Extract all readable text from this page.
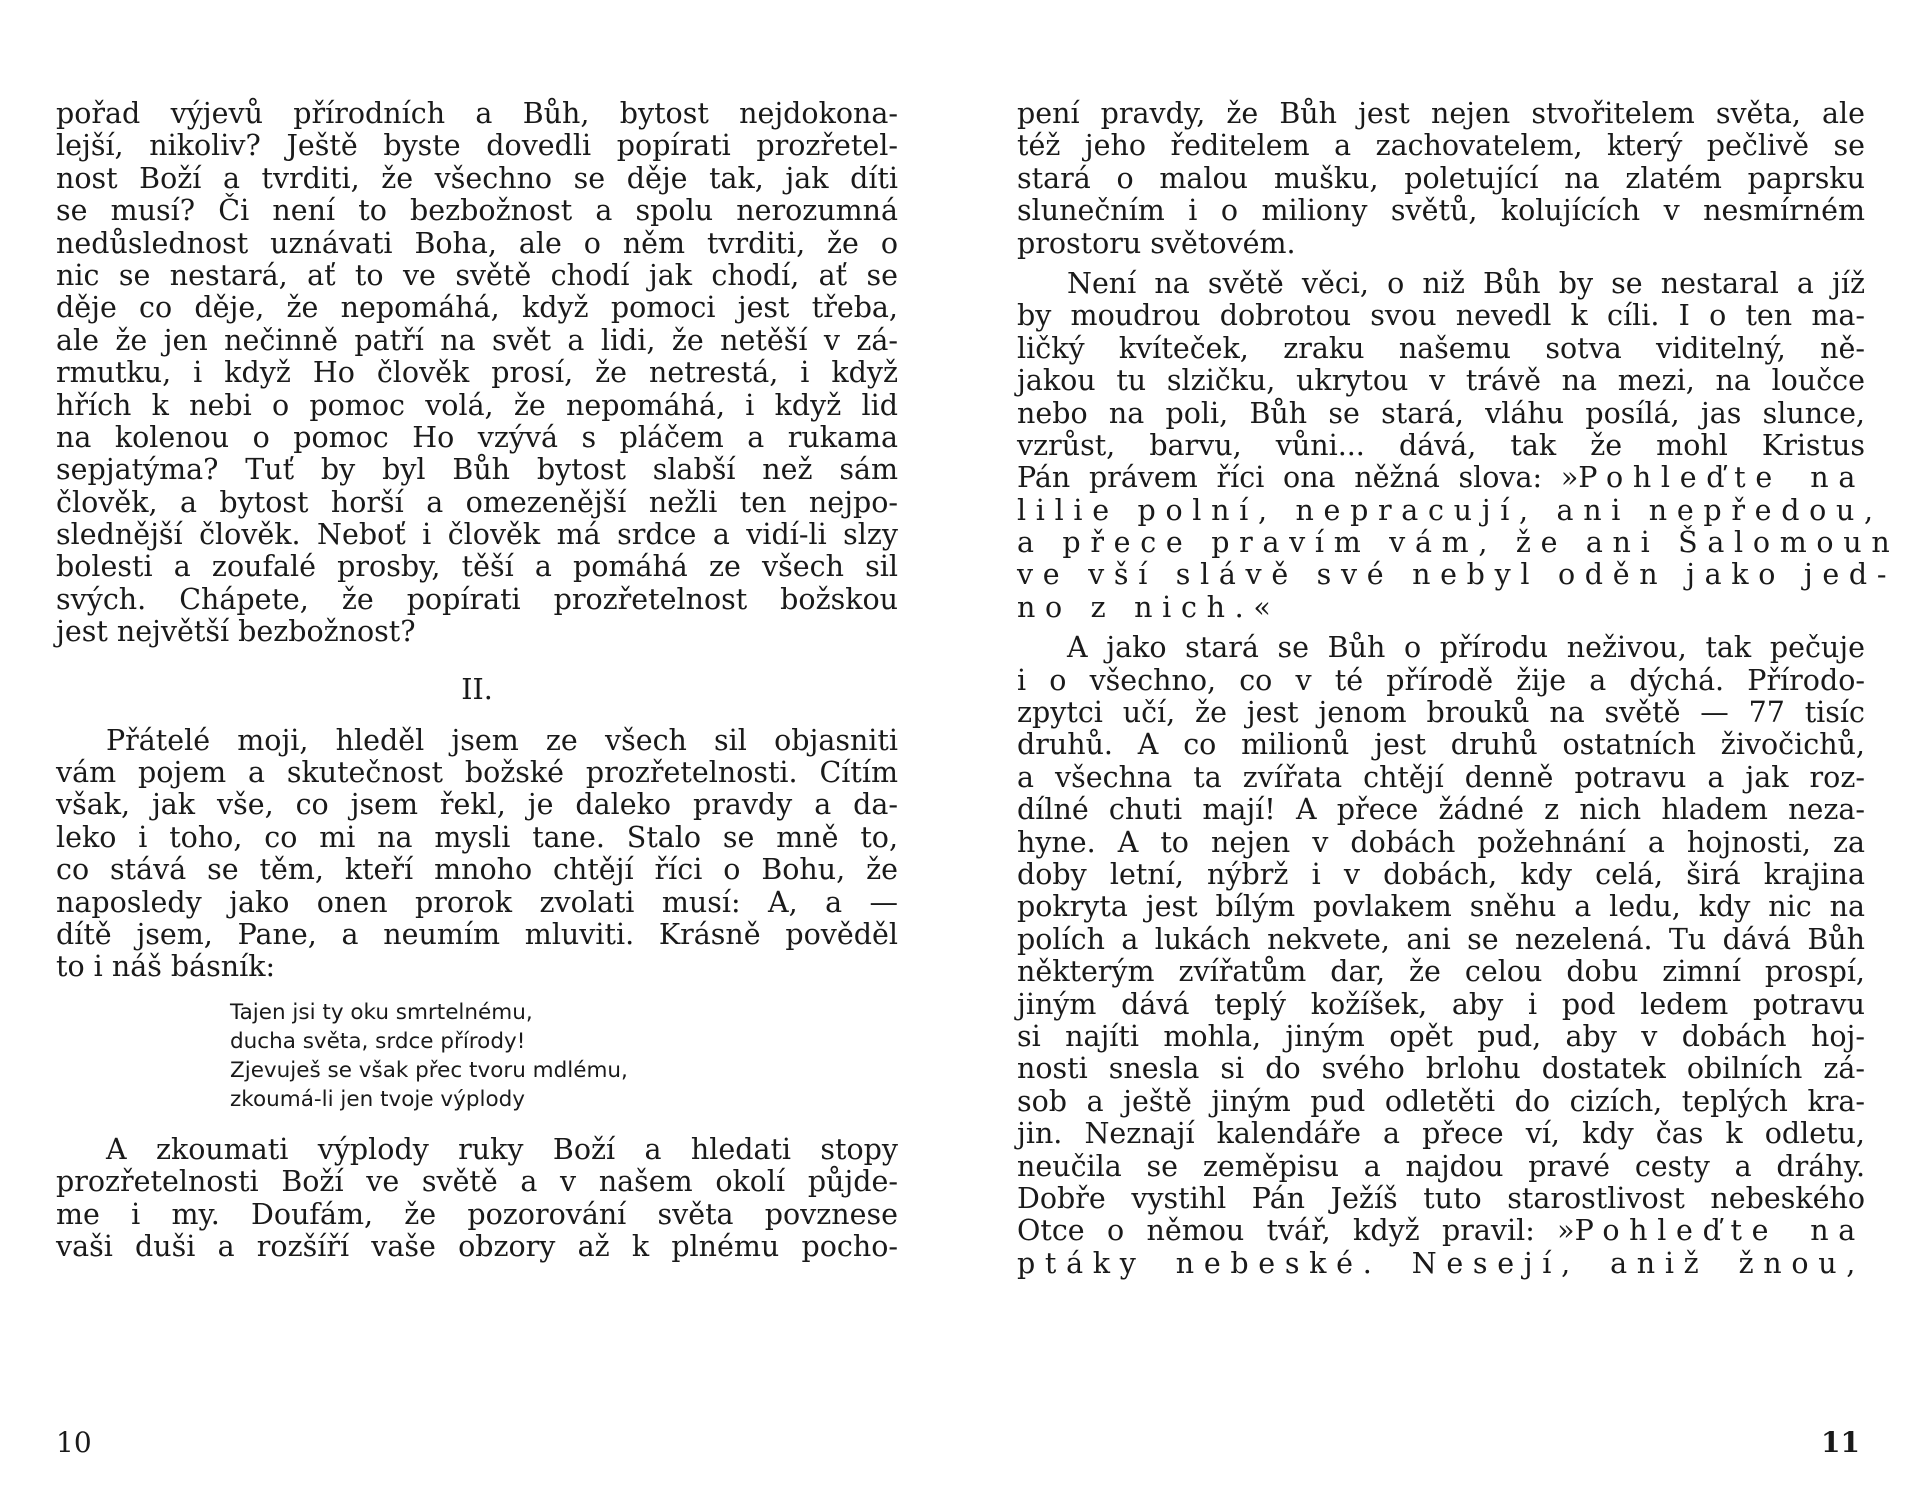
pořad výjevů přírodních a Bůh, bytost nejdokona-

lejší, nikoliv? Ještě byste dovedli popírati prozřetel-

nost Boží a tvrditi, že všechno se děje tak, jak díti

se musí? Či není to bezbožnost a spolu nerozumná

nedůslednost uznávati Boha, ale o něm tvrditi, že o

nic se nestará, ať to ve světě chodí jak chodí, ať se

děje co děje, že nepomáhá, když pomoci jest třeba,

ale že jen nečinně patří na svět a lidi, že netěší v zá-

rmutku, i když Ho člověk prosí, že netrestá, i když

hřích k nebi o pomoc volá, že nepomáhá, i když lid

na kolenou o pomoc Ho vzývá s pláčem a rukama

sepjatýma? Tuť by byl Bůh bytost slabší než sám

člověk, a bytost horší a omezenější nežli ten nejpo-

slednější člověk. Neboť i člověk má srdce a vidí-li slzy

bolesti a zoufalé prosby, těší a pomáhá ze všech sil

svých. Chápete, že popírati prozřetelnost božskou

jest největší bezbožnost?

II.

Přátelé moji, hleděl jsem ze všech sil objasniti

vám pojem a skutečnost božské prozřetelnosti. Cítím

však, jak vše, co jsem řekl, je daleko pravdy a da-

leko i toho, co mi na mysli tane. Stalo se mně to,

co stává se těm, kteří mnoho chtějí říci o Bohu, že

naposledy jako onen prorok zvolati musí: A, a —

dítě jsem, Pane, a neumím mluviti. Krásně pověděl

to i náš básník:

Tajen jsi ty oku smrtelnému,

ducha světa, srdce přírody!

Zjevuješ se však přec tvoru mdlému,

zkoumá-li jen tvoje výplody

A zkoumati výplody ruky Boží a hledati stopy

prozřetelnosti Boží ve světě a v našem okolí půjde-

me i my. Doufám, že pozorování světa povznese

vaši duši a rozšíří vaše obzory až k plnému pocho-

10

pení pravdy, že Bůh jest nejen stvořitelem světa, ale

též jeho ředitelem a zachovatelem, který pečlivě se

stará o malou mušku, poletující na zlatém paprsku

slunečním i o miliony světů, kolujících v nesmírném

prostoru světovém.

Není na světě věci, o niž Bůh by se nestaral a jíž

by moudrou dobrotou svou nevedl k cíli. I o ten ma-

ličký kvíteček, zraku našemu sotva viditelný, ně-

jakou tu slzičku, ukrytou v trávě na mezi, na loučce

nebo na poli, Bůh se stará, vláhu posílá, jas slunce,

vzrůst, barvu, vůni... dává, tak že mohl Kristus

Pán právem říci ona něžná slova: »Pohleďte na

lilie polní, nepracují, ani nepředou,

a přece pravím vám, že ani Šalomoun

ve vší slávě své nebyl oděn jako jed-

no z nich.«

A jako stará se Bůh o přírodu neživou, tak pečuje

i o všechno, co v té přírodě žije a dýchá. Přírodo-

zpytci učí, že jest jenom brouků na světě — 77 tisíc

druhů. A co milionů jest druhů ostatních živočichů,

a všechna ta zvířata chtějí denně potravu a jak roz-

dílné chuti mají! A přece žádné z nich hladem neza-

hyne. A to nejen v dobách požehnání a hojnosti, za

doby letní, nýbrž i v dobách, kdy celá, širá krajina

pokryta jest bílým povlakem sněhu a ledu, kdy nic na

polích a lukách nekvete, ani se nezelená. Tu dává Bůh

některým zvířatům dar, že celou dobu zimní prospí,

jiným dává teplý kožíšek, aby i pod ledem potravu

si najíti mohla, jiným opět pud, aby v dobách hoj-

nosti snesla si do svého brlohu dostatek obilních zá-

sob a ještě jiným pud odletěti do cizích, teplých kra-

jin. Neznají kalendáře a přece ví, kdy čas k odletu,

neučila se zeměpisu a najdou pravé cesty a dráhy.

Dobře vystihl Pán Ježíš tuto starostlivost nebeského

Otce o němou tvář, když pravil: »Pohleďte na

ptáky nebeské. Nesejí, aniž žnou,

11
